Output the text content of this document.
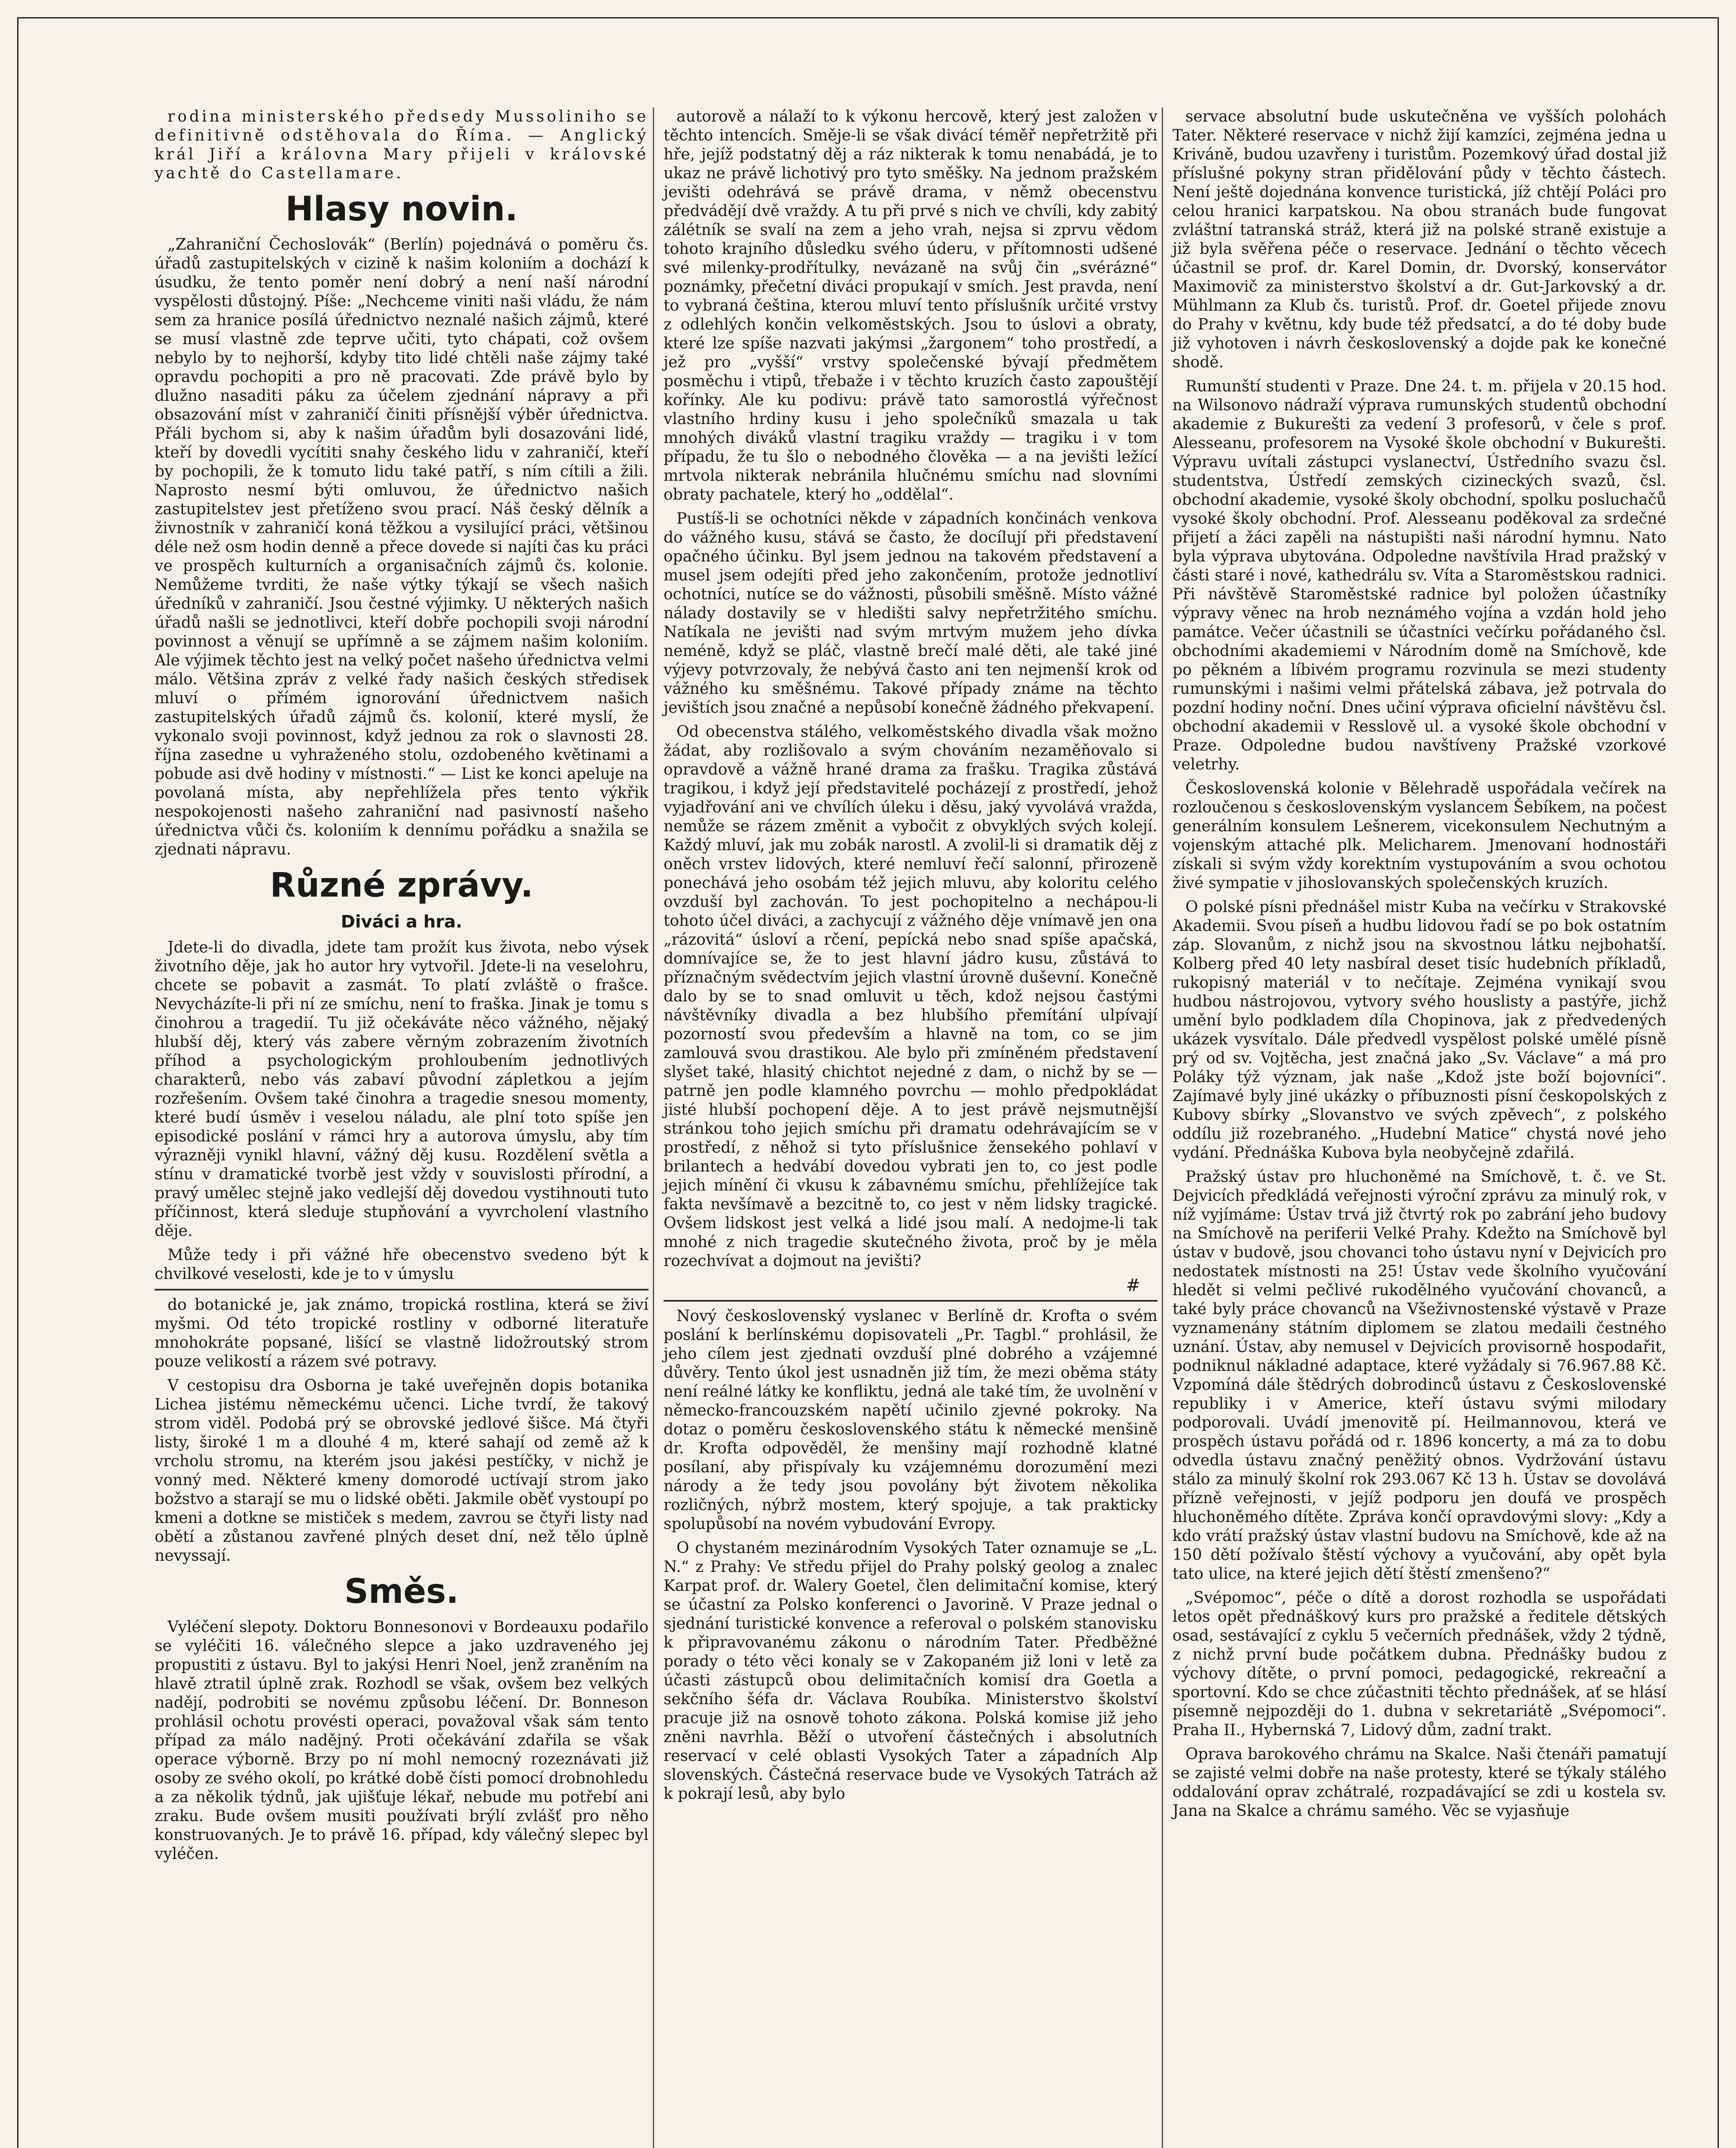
rodina ministerského předsedy Mussoliniho se definitivně odstěhovala do Říma. — Anglický král Jiří a královna Mary přijeli v královské yachtě do Castellamare.

Hlasy novin.

„Zahraniční Čechoslovák“ (Berlín) pojednává o poměru čs. úřadů zastupitelských v cizině k našim koloniím a dochází k úsudku, že tento poměr není dobrý a není naší národní vyspělosti důstojný. Píše: „Nechceme viniti naši vládu, že nám sem za hranice posílá úřednictvo neznalé našich zájmů, které se musí vlastně zde teprve učiti, tyto chápati, což ovšem nebylo by to nejhorší, kdyby tito lidé chtěli naše zájmy také opravdu pochopiti a pro ně pracovati. Zde právě bylo by dlužno nasaditi páku za účelem zjednání nápravy a při obsazování míst v zahraničí činiti přísnější výběr úřednictva. Přáli bychom si, aby k našim úřadům byli dosazováni lidé, kteří by dovedli vycítiti snahy českého lidu v zahraničí, kteří by pochopili, že k tomuto lidu také patří, s ním cítili a žili. Naprosto nesmí býti omluvou, že úřednictvo našich zastupitelstev jest přetíženo svou prací. Náš český dělník a živnostník v zahraničí koná těžkou a vysilující práci, většinou déle než osm hodin denně a přece dovede si najíti čas ku práci ve prospěch kulturních a organisačních zájmů čs. kolonie. Nemůžeme tvrditi, že naše výtky týkají se všech našich úředníků v zahraničí. Jsou čestné výjimky. U některých našich úřadů našli se jednotlivci, kteří dobře pochopili svoji národní povinnost a věnují se upřímně a se zájmem našim koloniím. Ale výjimek těchto jest na velký počet našeho úřednictva velmi málo. Většina zpráv z velké řady našich českých středisek mluví o přímém ignorování úřednictvem našich zastupitelských úřadů zájmů čs. kolonií, které myslí, že vykonalo svoji povinnost, když jednou za rok o slavnosti 28. října zasedne u vyhraženého stolu, ozdobeného květinami a pobude asi dvě hodiny v místnosti.“ — List ke konci apeluje na povolaná místa, aby nepřehlížela přes tento výkřik nespokojenosti našeho zahraniční nad pasivností našeho úřednictva vůči čs. koloniím k dennímu pořádku a snažila se zjednati nápravu.

Různé zprávy.
Diváci a hra.

Jdete-li do divadla, jdete tam prožít kus života, nebo výsek životního děje, jak ho autor hry vytvořil. Jdete-li na veselohru, chcete se pobavit a zasmát. To platí zvláště o frašce. Nevycházíte-li při ní ze smíchu, není to fraška. Jinak je tomu s činohrou a tragedií. Tu již očekáváte něco vážného, nějaký hlubší děj, který vás zabere věrným zobrazením životních příhod a psychologickým prohloubením jednotlivých charakterů, nebo vás zabaví původní zápletkou a jejím rozřešením. Ovšem také činohra a tragedie snesou momenty, které budí úsměv i veselou náladu, ale plní toto spíše jen episodické poslání v rámci hry a autorova úmyslu, aby tím výrazněji vynikl hlavní, vážný děj kusu. Rozdělení světla a stínu v dramatické tvorbě jest vždy v souvislosti přírodní, a pravý umělec stejně jako vedlejší děj dovedou vystihnouti tuto příčinnost, která sleduje stupňování a vyvrcholení vlastního děje.

Může tedy i při vážné hře obecenstvo svedeno být k chvilkové veselosti, kde je to v úmyslu

do botanické je, jak známo, tropická rostlina, která se živí myšmi. Od této tropické rostliny v odborné literatuře mnohokráte popsané, lišící se vlastně lidožroutský strom pouze velikostí a rázem své potravy.

V cestopisu dra Osborna je také uveřejněn dopis botanika Lichea jistému německému učenci. Liche tvrdí, že takový strom viděl. Podobá prý se obrovské jedlové šišce. Má čtyři listy, široké 1 m a dlouhé 4 m, které sahají od země až k vrcholu stromu, na kterém jsou jakési pestíčky, v nichž je vonný med. Některé kmeny domorodé uctívají strom jako božstvo a starají se mu o lidské oběti. Jakmile oběť vystoupí po kmeni a dotkne se mističek s medem, zavrou se čtyři listy nad obětí a zůstanou zavřené plných deset dní, než tělo úplně nevyssají.

Směs.

Vyléčení slepoty. Doktoru Bonnesonovi v Bordeauxu podařilo se vyléčiti 16. válečného slepce a jako uzdraveného jej propustiti z ústavu. Byl to jakýsi Henri Noel, jenž zraněním na hlavě ztratil úplně zrak. Rozhodl se však, ovšem bez velkých nadějí, podrobiti se novému způsobu léčení. Dr. Bonneson prohlásil ochotu provésti operaci, považoval však sám tento případ za málo nadějný. Proti očekávání zdařila se však operace výborně. Brzy po ní mohl nemocný rozeznávati již osoby ze svého okolí, po krátké době čísti pomocí drobnohledu a za několik týdnů, jak ujišťuje lékař, nebude mu potřebí ani zraku. Bude ovšem musiti používati brýlí zvlášť pro něho konstruovaných. Je to právě 16. případ, kdy válečný slepec byl vyléčen.

autorově a nálaží to k výkonu hercově, který jest založen v těchto intencích. Směje-li se však divácí téměř nepřetržitě při hře, jejíž podstatný děj a ráz nikterak k tomu nenabádá, je to ukaz ne právě lichotivý pro tyto směšky. Na jednom pražském jevišti odehrává se právě drama, v němž obecenstvu předvádějí dvě vraždy. A tu při prvé s nich ve chvíli, kdy zabitý zálétník se svalí na zem a jeho vrah, nejsa si zprvu vědom tohoto krajního důsledku svého úderu, v přítomnosti udšené své milenky-prodřítulky, nevázaně na svůj čin „svérázné“ poznámky, přečetní diváci propukají v smích. Jest pravda, není to vybraná čeština, kterou mluví tento příslušník určité vrstvy z odlehlých končin velkoměstských. Jsou to úslovi a obraty, které lze spíše nazvati jakýmsi „žargonem“ toho prostředí, a jež pro „vyšší“ vrstvy společenské bývají předmětem posměchu i vtipů, třebaže i v těchto kruzích často zapouštějí kořínky. Ale ku podivu: právě tato samorostlá výřečnost vlastního hrdiny kusu i jeho společníků smazala u tak mnohých diváků vlastní tragiku vraždy — tragiku i v tom případu, že tu šlo o nebodného člověka — a na jevišti ležící mrtvola nikterak nebránila hlučnému smíchu nad slovními obraty pachatele, který ho „oddělal“.

Pustíš-li se ochotníci někde v západních končinách venkova do vážného kusu, stává se často, že docílují při představení opačného účinku. Byl jsem jednou na takovém představení a musel jsem odejíti před jeho zakončením, protože jednotliví ochotníci, nutíce se do vážnosti, působili směšně. Místo vážné nálady dostavily se v hledišti salvy nepřetržitého smíchu. Natíkala ne jevišti nad svým mrtvým mužem jeho dívka neméně, když se pláč, vlastně brečí malé děti, ale také jiné výjevy potvrzovaly, že nebývá často ani ten nejmenší krok od vážného ku směšnému. Takové případy známe na těchto jevištích jsou značné a nepůsobí konečně žádného překvapení.

Od obecenstva stálého, velkoměstského divadla však možno žádat, aby rozlišovalo a svým chováním nezaměňovalo si opravdově a vážně hrané drama za frašku. Tragika zůstává tragikou, i když její představitelé pocházejí z prostředí, jehož vyjadřování ani ve chvílích úleku i děsu, jaký vyvolává vražda, nemůže se rázem změnit a vybočit z obvyklých svých kolejí. Každý mluví, jak mu zobák narostl. A zvolil-li si dramatik děj z oněch vrstev lidových, které nemluví řečí salonní, přirozeně ponechává jeho osobám též jejich mluvu, aby koloritu celého ovzduší byl zachován. To jest pochopitelno a nechápou-li tohoto účel diváci, a zachycují z vážného děje vnímavě jen ona „rázovitá“ úsloví a rčení, pepícká nebo snad spíše apačská, domnívajíce se, že to jest hlavní jádro kusu, zůstává to příznačným svědectvím jejich vlastní úrovně duševní. Konečně dalo by se to snad omluvit u těch, kdož nejsou častými návštěvníky divadla a bez hlubšího přemítání ulpívají pozorností svou především a hlavně na tom, co se jim zamlouvá svou drastikou. Ale bylo při zmíněném představení slyšet také, hlasitý chichtot nejedné z dam, o nichž by se — patrně jen podle klamného povrchu — mohlo předpokládat jisté hlubší pochopení děje. A to jest právě nejsmutnější stránkou toho jejich smíchu při dramatu odehrávajícím se v prostředí, z něhož si tyto příslušnice žensekého pohlaví v brilantech a hedvábí dovedou vybrati jen to, co jest podle jejich mínění či vkusu k zábavnému smíchu, přehlížejíce tak fakta nevšímavě a bezcitně to, co jest v něm lidsky tragické. Ovšem lidskost jest velká a lidé jsou malí. A nedojme-li tak mnohé z nich tragedie skutečného života, proč by je měla rozechvívat a dojmout na jevišti?

#

Nový československý vyslanec v Berlíně dr. Krofta o svém poslání k berlínskému dopisovateli „Pr. Tagbl.“ prohlásil, že jeho cílem jest zjednati ovzduší plné dobrého a vzájemné důvěry. Tento úkol jest usnadněn již tím, že mezi oběma státy není reálné látky ke konfliktu, jedná ale také tím, že uvolnění v německo-francouzském napětí učinilo zjevné pokroky. Na dotaz o poměru československého státu k německé menšině dr. Krofta odpověděl, že menšiny mají rozhodně klatné posílaní, aby přispívaly ku vzájemnému dorozumění mezi národy a že tedy jsou povolány být životem několika rozličných, nýbrž mostem, který spojuje, a tak prakticky spolupůsobí na novém vybudování Evropy.

O chystaném mezinárodním Vysokých Tater oznamuje se „L. N.“ z Prahy: Ve středu přijel do Prahy polský geolog a znalec Karpat prof. dr. Walery Goetel, člen delimitační komise, který se účastní za Polsko konferenci o Javorině. V Praze jednal o sjednání turistické konvence a referoval o polském stanovisku k připravovanému zákonu o národním Tater. Předběžné porady o této věci konaly se v Zakopaném již loni v letě za účasti zástupců obou delimitačních komisí dra Goetla a sekčního šéfa dr. Václava Roubíka. Ministerstvo školství pracuje již na osnově tohoto zákona. Polská komise již jeho zněni navrhla. Běží o utvoření částečných i absolutních reservací v celé oblasti Vysokých Tater a západních Alp slovenských. Částečná reservace bude ve Vysokých Tatrách až k pokrají lesů, aby bylo

servace absolutní bude uskutečněna ve vyšších polohách Tater. Některé reservace v nichž žijí kamzíci, zejména jedna u Kriváně, budou uzavřeny i turistům. Pozemkový úřad dostal již příslušné pokyny stran přidělování půdy v těchto částech. Není ještě dojednána konvence turistická, jíž chtějí Poláci pro celou hranici karpatskou. Na obou stranách bude fungovat zvláštní tatranská stráž, která již na polské straně existuje a již byla svěřena péče o reservace. Jednání o těchto věcech účastnil se prof. dr. Karel Domin, dr. Dvorský, konservátor Maximovič za ministerstvo školství a dr. Gut-Jarkovský a dr. Mühlmann za Klub čs. turistů. Prof. dr. Goetel přijede znovu do Prahy v květnu, kdy bude též předsatcí, a do té doby bude již vyhotoven i návrh československý a dojde pak ke konečné shodě.

Rumunští studenti v Praze. Dne 24. t. m. přijela v 20.15 hod. na Wilsonovo nádraží výprava rumunských studentů obchodní akademie z Bukurešti za vedení 3 profesorů, v čele s prof. Alesseanu, profesorem na Vysoké škole obchodní v Bukurešti. Výpravu uvítali zástupci vyslanectví, Ústředního svazu čsl. studentstva, Ústředí zemských cizineckých svazů, čsl. obchodní akademie, vysoké školy obchodní, spolku posluchačů vysoké školy obchodní. Prof. Alesseanu poděkoval za srdečné přijetí a žáci zapěli na nástupišti naši národní hymnu. Nato byla výprava ubytována. Odpoledne navštívila Hrad pražský v části staré i nové, kathedrálu sv. Víta a Staroměstskou radnici. Při návštěvě Staroměstské radnice byl položen účastníky výpravy věnec na hrob neznámého vojína a vzdán hold jeho památce. Večer účastnili se účastníci večírku pořádaného čsl. obchodními akademiemi v Národním domě na Smíchově, kde po pěkném a líbivém programu rozvinula se mezi studenty rumunskými i našimi velmi přátelská zábava, jež potrvala do pozdní hodiny noční. Dnes učiní výprava oficielní návštěvu čsl. obchodní akademii v Resslově ul. a vysoké škole obchodní v Praze. Odpoledne budou navštíveny Pražské vzorkové veletrhy.

Československá kolonie v Bělehradě uspořádala večírek na rozloučenou s československým vyslancem Šebíkem, na počest generálním konsulem Lešnerem, vicekonsulem Nechutným a vojenským attaché plk. Melicharem. Jmenovaní hodnostáři získali si svým vždy korektním vystupováním a svou ochotou živé sympatie v jihoslovanských společenských kruzích.

O polské písni přednášel mistr Kuba na večírku v Strakovské Akademii. Svou píseň a hudbu lidovou řadí se po bok ostatním záp. Slovanům, z nichž jsou na skvostnou látku nejbohatší. Kolberg před 40 lety nasbíral deset tisíc hudebních příkladů, rukopisný materiál v to nečítaje. Zejména vynikají svou hudbou nástrojovou, vytvory svého houslisty a pastýře, jichž umění bylo podkladem díla Chopinova, jak z předvedených ukázek vysvítalo. Dále předvedl vyspělost polské umělé písně prý od sv. Vojtěcha, jest značná jako „Sv. Václave“ a má pro Poláky týž význam, jak naše „Kdož jste boží bojovníci“. Zajímavé byly jiné ukázky o příbuznosti písní českopolských z Kubovy sbírky „Slovanstvo ve svých zpěvech“, z polského oddílu již rozebraného. „Hudební Matice“ chystá nové jeho vydání. Přednáška Kubova byla neobyčejně zdařilá.

Pražský ústav pro hluchoněmé na Smíchově, t. č. ve St. Dejvicích předkládá veřejnosti výroční zprávu za minulý rok, v níž vyjímáme: Ústav trvá již čtvrtý rok po zabrání jeho budovy na Smíchově na periferii Velké Prahy. Kdežto na Smíchově byl ústav v budově, jsou chovanci toho ústavu nyní v Dejvicích pro nedostatek místnosti na 25! Ústav vede školního vyučování hledět si velmi pečlivé rukodělného vyučování chovanců, a také byly práce chovanců na Všeživnostenské výstavě v Praze vyznamenány státním diplomem se zlatou medaili čestného uznání. Ústav, aby nemusel v Dejvicích provisorně hospodařit, podniknul nákladné adaptace, které vyžádaly si 76.967.88 Kč. Vzpomíná dále štědrých dobrodinců ústavu z Československé republiky i v Americe, kteří ústavu svými milodary podporovali. Uvádí jmenovitě pí. Heilmannovou, která ve prospěch ústavu pořádá od r. 1896 koncerty, a má za to dobu odvedla ústavu značný peněžitý obnos. Vydržování ústavu stálo za minulý školní rok 293.067 Kč 13 h. Ústav se dovolává přízně veřejnosti, v jejíž podporu jen doufá ve prospěch hluchoněmého dítěte. Zpráva končí opravdovými slovy: „Kdy a kdo vrátí pražský ústav vlastní budovu na Smíchově, kde až na 150 dětí požívalo štěstí výchovy a vyučování, aby opět byla tato ulice, na které jejich dětí štěstí zmenšeno?“

„Svépomoc“, péče o dítě a dorost rozhodla se uspořádati letos opět přednáškový kurs pro pražské a ředitele dětských osad, sestávající z cyklu 5 večerních přednášek, vždy 2 týdně, z nichž první bude počátkem dubna. Přednášky budou z výchovy dítěte, o první pomoci, pedagogické, rekreační a sportovní. Kdo se chce zúčastniti těchto přednášek, ať se hlásí písemně nejpozději do 1. dubna v sekretariátě „Svépomoci“. Praha II., Hybernská 7, Lidový dům, zadní trakt.

Oprava barokového chrámu na Skalce. Naši čtenáři pamatují se zajisté velmi dobře na naše protesty, které se týkaly stálého oddalování oprav zchátralé, rozpadávající se zdi u kostela sv. Jana na Skalce a chrámu samého. Věc se vyjasňuje
